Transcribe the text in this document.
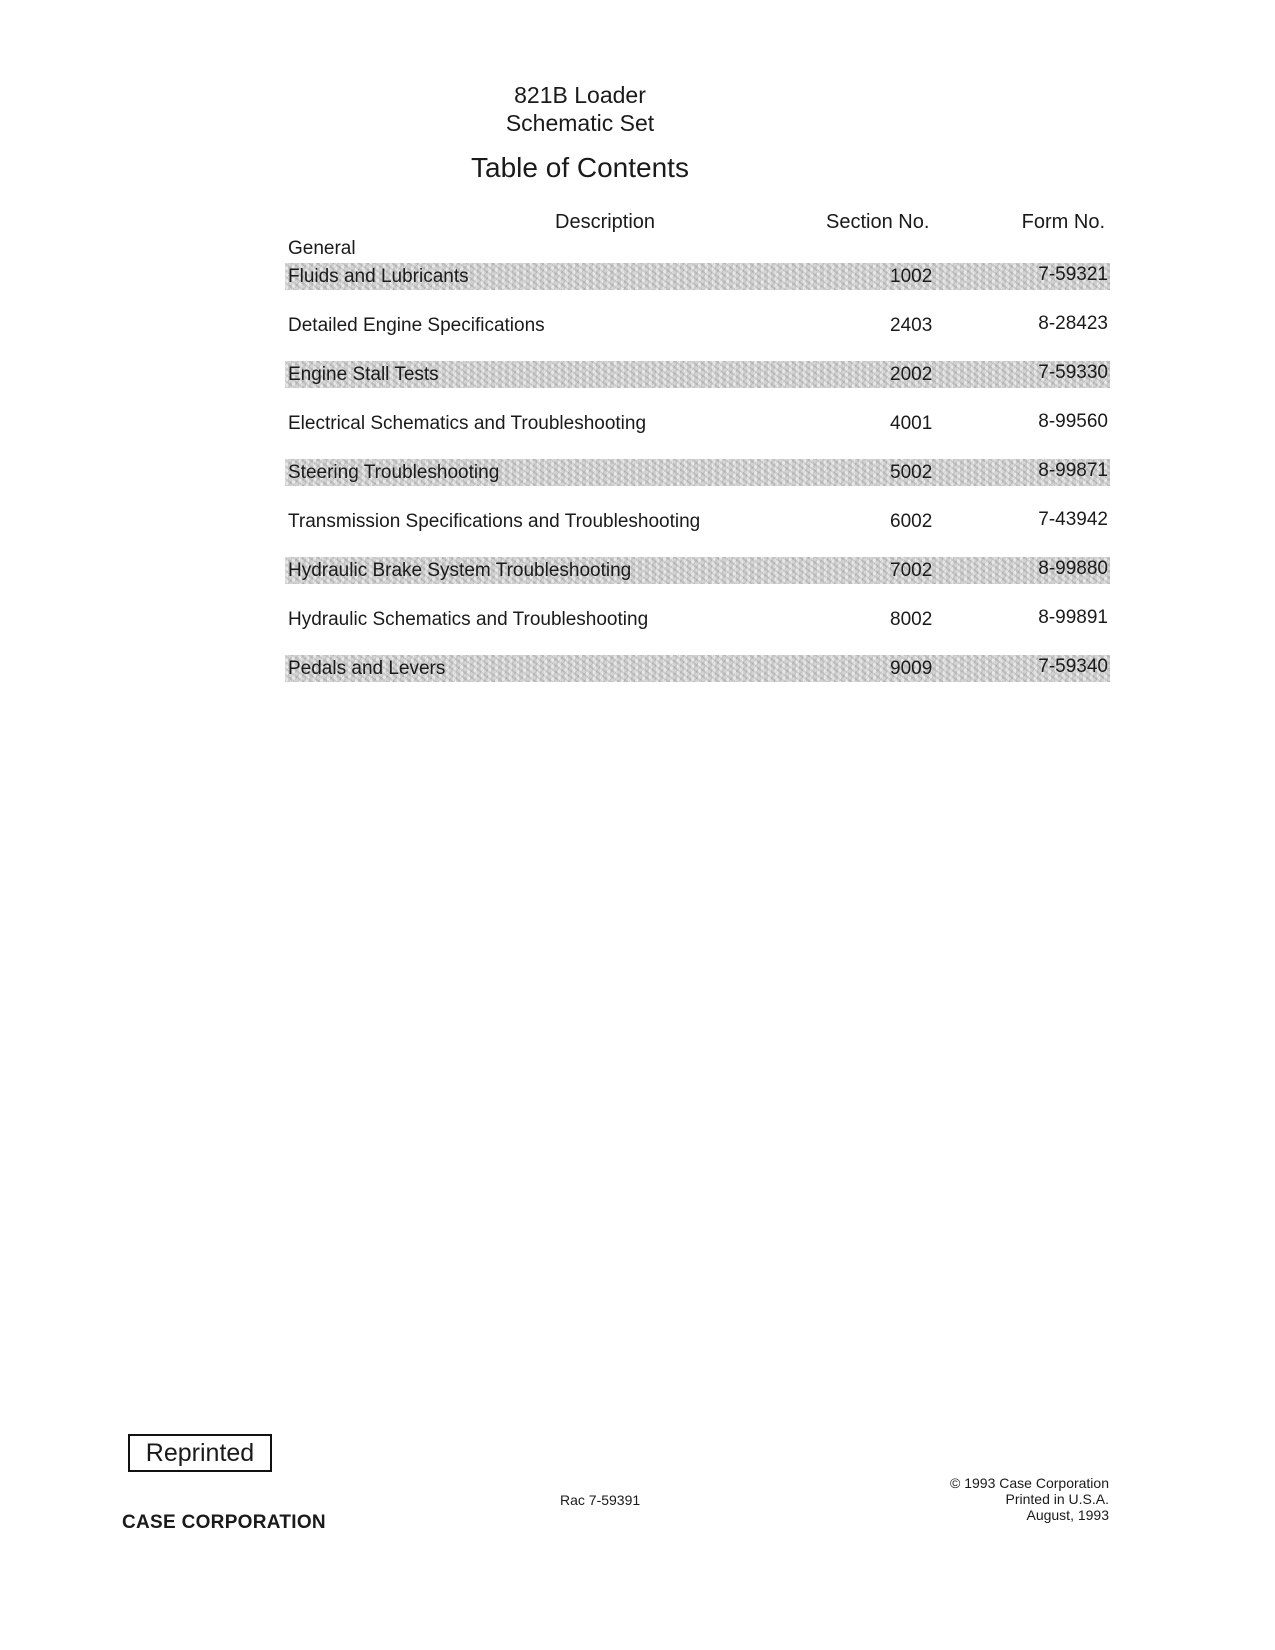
821B Loader
Schematic Set
Table of Contents
Description	Section No.	Form No.
General
Fluids and Lubricants	1002	7-59321
Detailed Engine Specifications	2403	8-28423
Engine Stall Tests	2002	7-59330
Electrical Schematics and Troubleshooting	4001	8-99560
Steering Troubleshooting	5002	8-99871
Transmission Specifications and Troubleshooting	6002	7-43942
Hydraulic Brake System Troubleshooting	7002	8-99880
Hydraulic Schematics and Troubleshooting	8002	8-99891
Pedals and Levers	9009	7-59340
Reprinted
CASE CORPORATION
Rac 7-59391
© 1993 Case Corporation
Printed in U.S.A.
August, 1993
